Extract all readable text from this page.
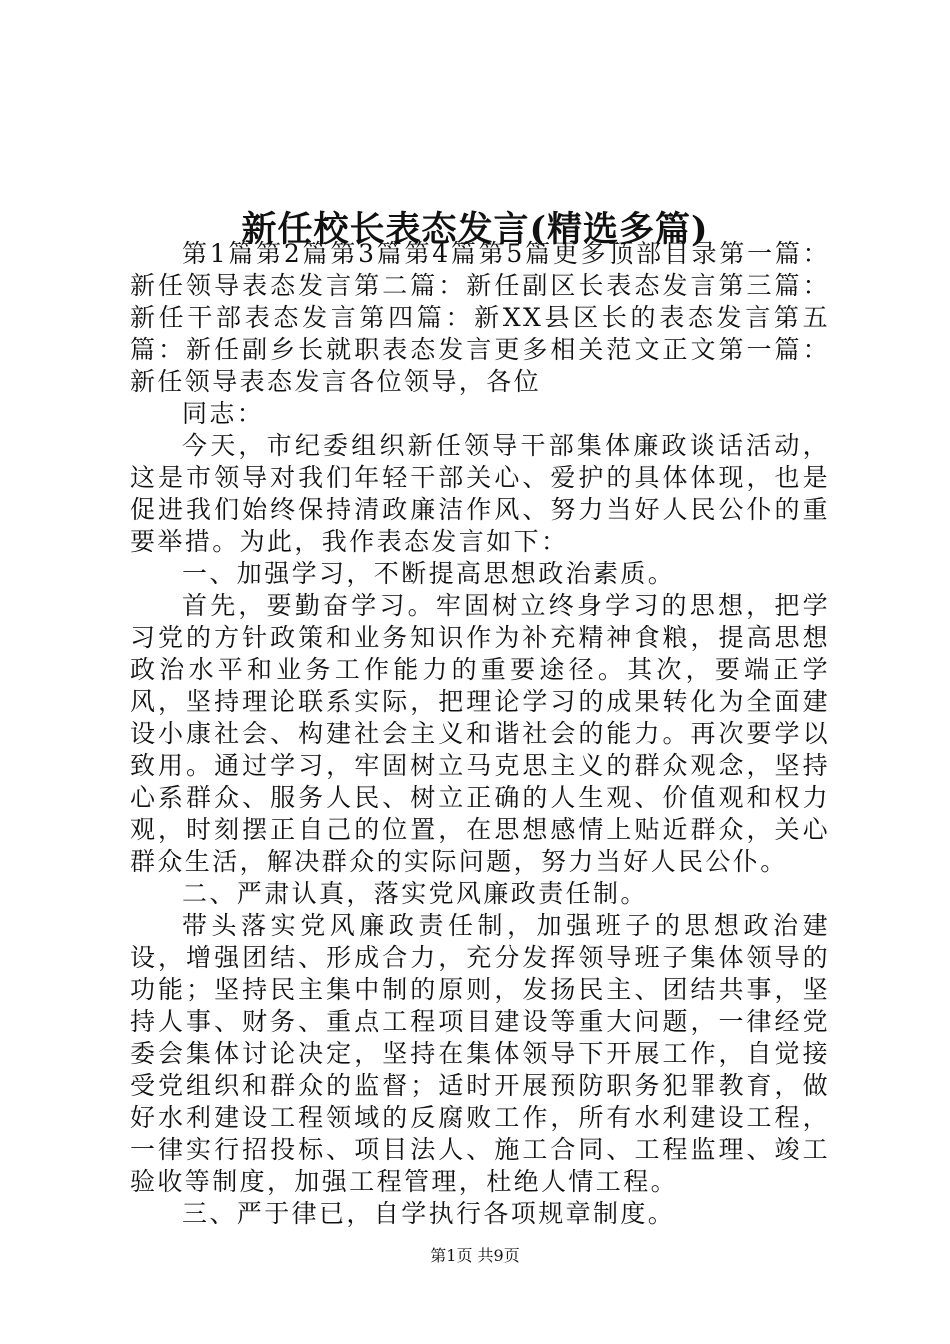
新任校长表态发言(精选多篇)

第1篇第2篇第3篇第4篇第5篇更多顶部目录第一篇：新任领导表态发言第二篇：新任副区长表态发言第三篇：新任干部表态发言第四篇：新XX县区长的表态发言第五篇：新任副乡长就职表态发言更多相关范文正文第一篇：新任领导表态发言各位领导，各位

同志：

今天，市纪委组织新任领导干部集体廉政谈话活动，这是市领导对我们年轻干部关心、爱护的具体体现，也是促进我们始终保持清政廉洁作风、努力当好人民公仆的重要举措。为此，我作表态发言如下：

一、加强学习，不断提高思想政治素质。

首先，要勤奋学习。牢固树立终身学习的思想，把学习党的方针政策和业务知识作为补充精神食粮，提高思想政治水平和业务工作能力的重要途径。其次，要端正学风，坚持理论联系实际，把理论学习的成果转化为全面建设小康社会、构建社会主义和谐社会的能力。再次要学以致用。通过学习，牢固树立马克思主义的群众观念，坚持心系群众、服务人民、树立正确的人生观、价值观和权力观，时刻摆正自己的位置，在思想感情上贴近群众，关心群众生活，解决群众的实际问题，努力当好人民公仆。

二、严肃认真，落实党风廉政责任制。

带头落实党风廉政责任制，加强班子的思想政治建设，增强团结、形成合力，充分发挥领导班子集体领导的功能；坚持民主集中制的原则，发扬民主、团结共事，坚持人事、财务、重点工程项目建设等重大问题，一律经党委会集体讨论决定，坚持在集体领导下开展工作，自觉接受党组织和群众的监督；适时开展预防职务犯罪教育，做好水利建设工程领域的反腐败工作，所有水利建设工程，一律实行招投标、项目法人、施工合同、工程监理、竣工验收等制度，加强工程管理，杜绝人情工程。

三、严于律已，自学执行各项规章制度。

第1页 共9页
